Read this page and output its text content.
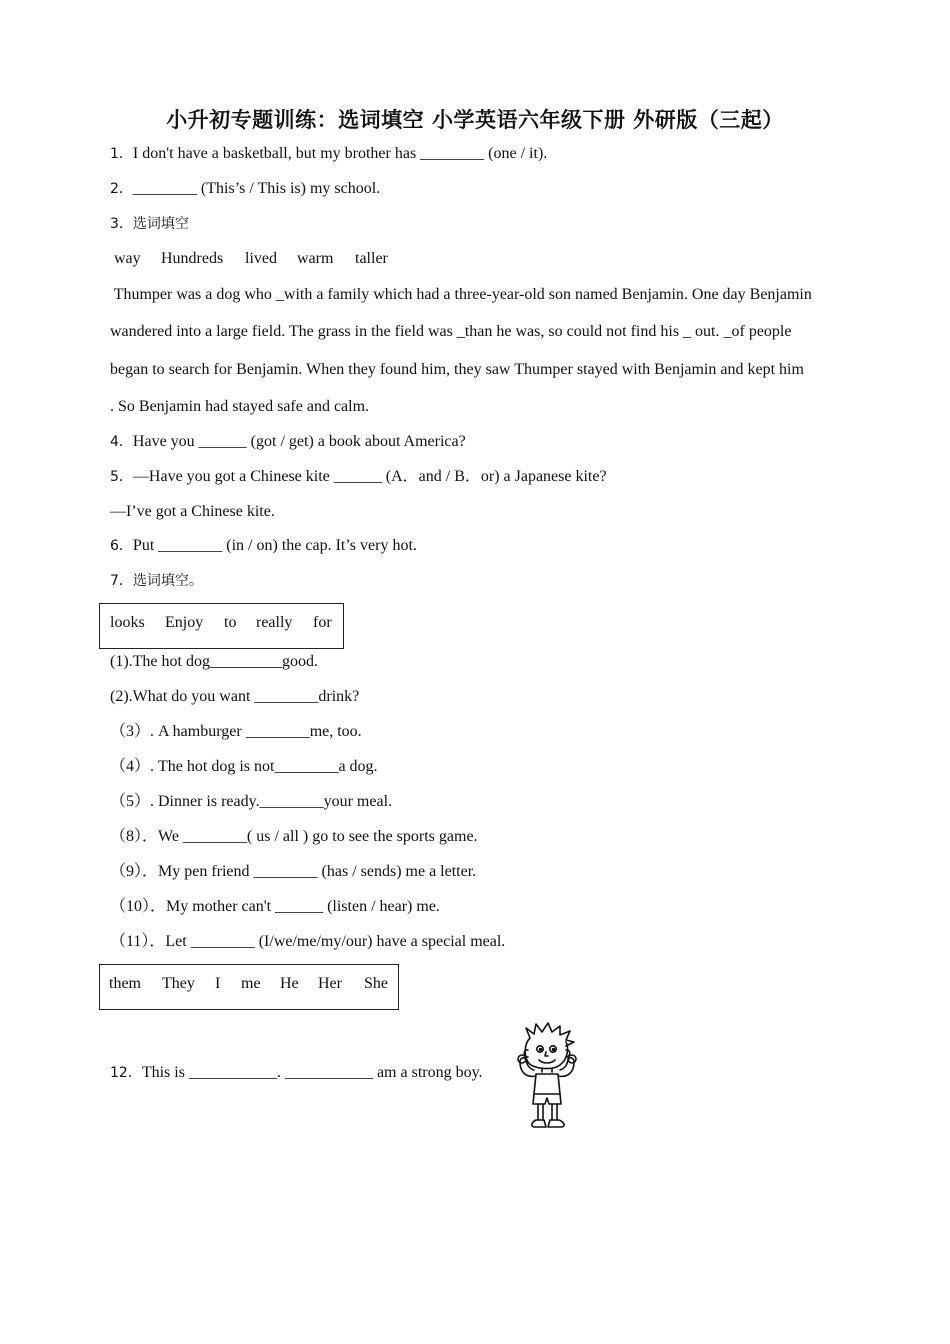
小升初专题训练：选词填空 小学英语六年级下册 外研版（三起）
1．I don't have a basketball, but my brother has ________ (one / it).
2．________ (This’s / This is) my school.
3．选词填空
way Hundreds lived warm taller
Thumper was a dog who _with a family which had a three-year-old son named Benjamin. One day Benjamin
wandered into a large field. The grass in the field was _than he was, so could not find his _ out. _of people
began to search for Benjamin. When they found him, they saw Thumper stayed with Benjamin and kept him
. So Benjamin had stayed safe and calm.
4．Have you ______ (got / get) a book about America?
5．—Have you got a Chinese kite ______ (A．and / B．or) a Japanese kite?
—I’ve got a Chinese kite.
6．Put ________ (in / on) the cap. It’s very hot.
7．选词填空。
looks Enjoy to really for
(1).The hot dog_________good.
(2).What do you want ________drink?
（3）. A hamburger ________me, too.
（4）. The hot dog is not________a dog.
（5）. Dinner is ready.________your meal.
（8）．We ________( us / all ) go to see the sports game.
（9）．My pen friend ________ (has / sends) me a letter.
（10）．My mother can't ______ (listen / hear) me.
（11）．Let ________ (I/we/me/my/our) have a special meal.
them They I me He Her She
12．This is ___________. ___________ am a strong boy.
